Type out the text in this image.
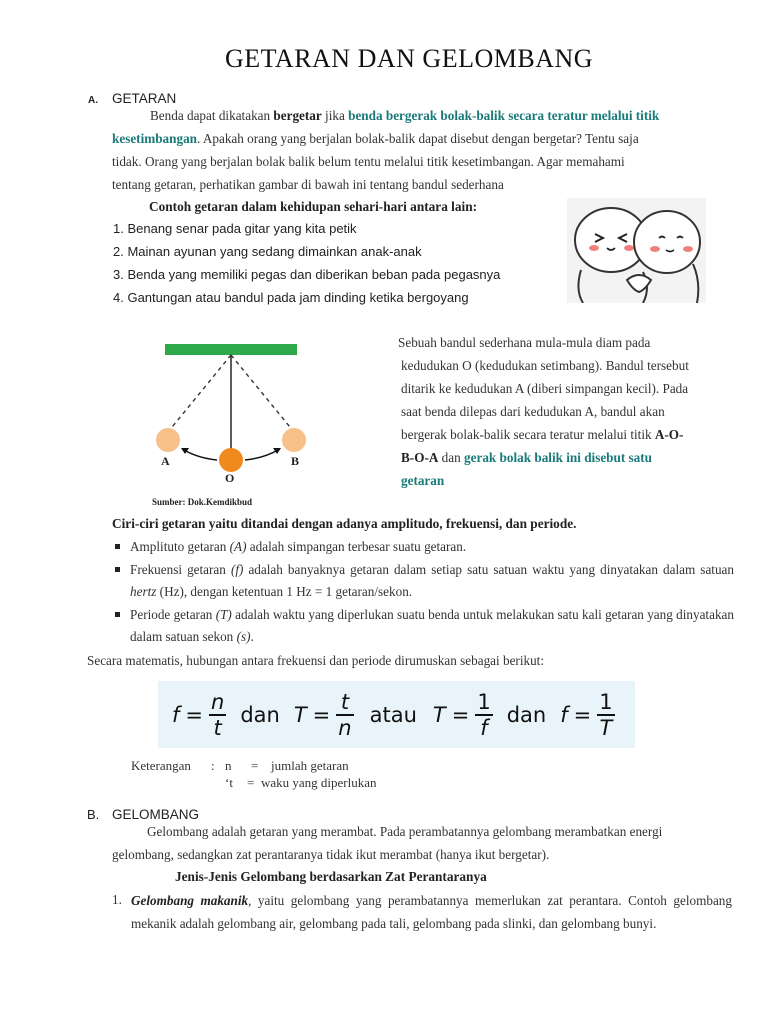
GETARAN DAN GELOMBANG
A. GETARAN
Benda dapat dikatakan bergetar jika benda bergerak bolak-balik secara teratur melalui titik
kesetimbangan. Apakah orang yang berjalan bolak-balik dapat disebut dengan bergetar? Tentu saja
tidak. Orang yang berjalan bolak balik belum tentu melalui titik kesetimbangan. Agar memahami
tentang getaran, perhatikan gambar di bawah ini tentang bandul sederhana
Contoh getaran dalam kehidupan sehari-hari antara lain:
1. Benang senar pada gitar yang kita petik
2. Mainan ayunan yang sedang dimainkan anak-anak
3. Benda yang memiliki pegas dan diberikan beban pada pegasnya
4. Gantungan atau bandul pada jam dinding ketika bergoyang
A
O
B
Sumber: Dok.Kemdikbud
Sebuah bandul sederhana mula-mula diam pada
kedudukan O (kedudukan setimbang). Bandul tersebut
ditarik ke kedudukan A (diberi simpangan kecil). Pada
saat benda dilepas dari kedudukan A, bandul akan
bergerak bolak-balik secara teratur melalui titik A-O-
B-O-A dan gerak bolak balik ini disebut satu
getaran
Ciri-ciri getaran yaitu ditandai dengan adanya amplitudo, frekuensi, dan periode.
Amplituto getaran (A) adalah simpangan terbesar suatu getaran.
Frekuensi getaran (f) adalah banyaknya getaran dalam setiap satu satuan waktu yang dinyatakan dalam satuan hertz (Hz), dengan ketentuan 1 Hz = 1 getaran/sekon.
Periode getaran (T) adalah waktu yang diperlukan suatu benda untuk melakukan satu kali getaran yang dinyatakan dalam satuan sekon (s).
Secara matematis, hubungan antara frekuensi dan periode dirumuskan sebagai berikut:
$f = \frac{n}{t}$ dan $T = \frac{t}{n}$ atau $T = \frac{1}{f}$ dan $f = \frac{1}{T}$
Keterangan : n = jumlah getaran
‘t = waku yang diperlukan
B. GELOMBANG
Gelombang adalah getaran yang merambat. Pada perambatannya gelombang merambatkan energi
gelombang, sedangkan zat perantaranya tidak ikut merambat (hanya ikut bergetar).
Jenis-Jenis Gelombang berdasarkan Zat Perantaranya
1. Gelombang makanik, yaitu gelombang yang perambatannya memerlukan zat perantara. Contoh gelombang mekanik adalah gelombang air, gelombang pada tali, gelombang pada slinki, dan gelombang bunyi.
